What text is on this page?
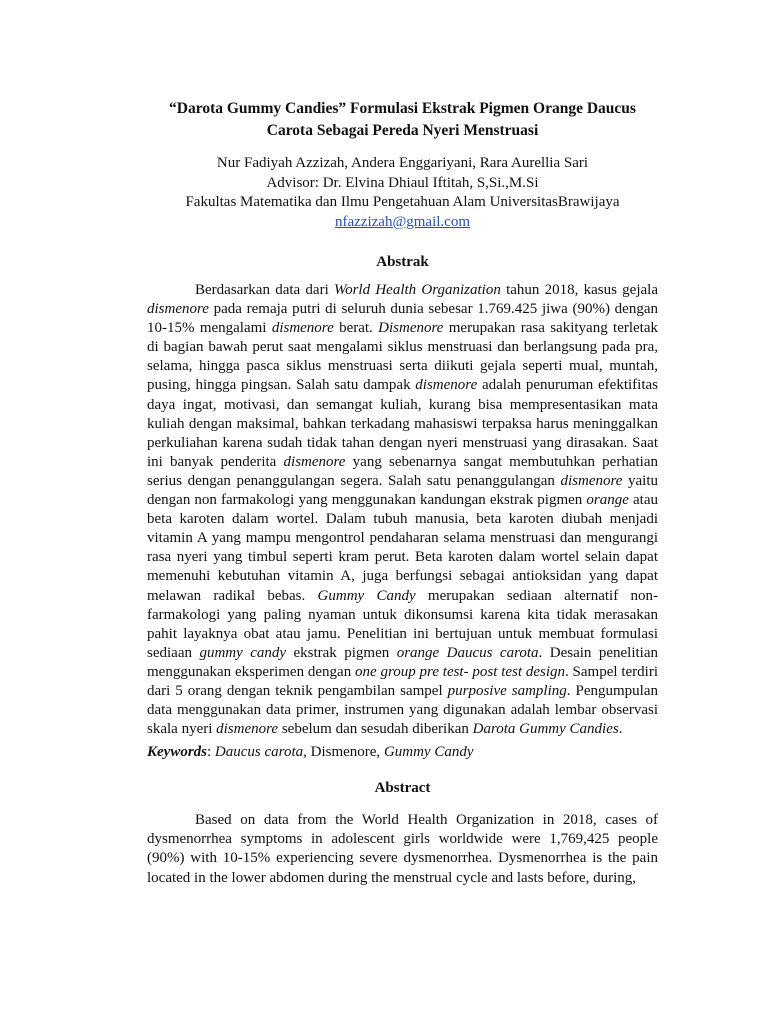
“Darota Gummy Candies” Formulasi Ekstrak Pigmen Orange Daucus
Carota Sebagai Pereda Nyeri Menstruasi
Nur Fadiyah Azzizah, Andera Enggariyani, Rara Aurellia Sari
Advisor: Dr. Elvina Dhiaul Iftitah, S,Si.,M.Si
Fakultas Matematika dan Ilmu Pengetahuan Alam UniversitasBrawijaya
nfazzizah@gmail.com
Abstrak

Berdasarkan data dari World Health Organization tahun 2018, kasus gejala dismenore pada remaja putri di seluruh dunia sebesar 1.769.425 jiwa (90%) dengan 10-15% mengalami dismenore berat. Dismenore merupakan rasa sakityang terletak di bagian bawah perut saat mengalami siklus menstruasi dan berlangsung pada pra, selama, hingga pasca siklus menstruasi serta diikuti gejala seperti mual, muntah, pusing, hingga pingsan. Salah satu dampak dismenore adalah penuruman efektifitas daya ingat, motivasi, dan semangat kuliah, kurang bisa mempresentasikan mata kuliah dengan maksimal, bahkan terkadang mahasiswi terpaksa harus meninggalkan perkuliahan karena sudah tidak tahan dengan nyeri menstruasi yang dirasakan. Saat ini banyak penderita dismenore yang sebenarnya sangat membutuhkan perhatian serius dengan penanggulangan segera. Salah satu penanggulangan dismenore yaitu dengan non farmakologi yang menggunakan kandungan ekstrak pigmen orange atau beta karoten dalam wortel. Dalam tubuh manusia, beta karoten diubah menjadi vitamin A yang mampu mengontrol pendaharan selama menstruasi dan mengurangi rasa nyeri yang timbul seperti kram perut. Beta karoten dalam wortel selain dapat memenuhi kebutuhan vitamin A, juga berfungsi sebagai antioksidan yang dapat melawan radikal bebas. Gummy Candy merupakan sediaan alternatif non-farmakologi yang paling nyaman untuk dikonsumsi karena kita tidak merasakan pahit layaknya obat atau jamu. Penelitian ini bertujuan untuk membuat formulasi sediaan gummy candy ekstrak pigmen orange Daucus carota. Desain penelitian menggunakan eksperimen dengan one group pre test- post test design. Sampel terdiri dari 5 orang dengan teknik pengambilan sampel purposive sampling. Pengumpulan data menggunakan data primer, instrumen yang digunakan adalah lembar observasi skala nyeri dismenore sebelum dan sesudah diberikan Darota Gummy Candies.

Keywords: Daucus carota, Dismenore, Gummy Candy

Abstract

Based on data from the World Health Organization in 2018, cases of dysmenorrhea symptoms in adolescent girls worldwide were 1,769,425 people (90%) with 10-15% experiencing severe dysmenorrhea. Dysmenorrhea is the pain located in the lower abdomen during the menstrual cycle and lasts before, during,
